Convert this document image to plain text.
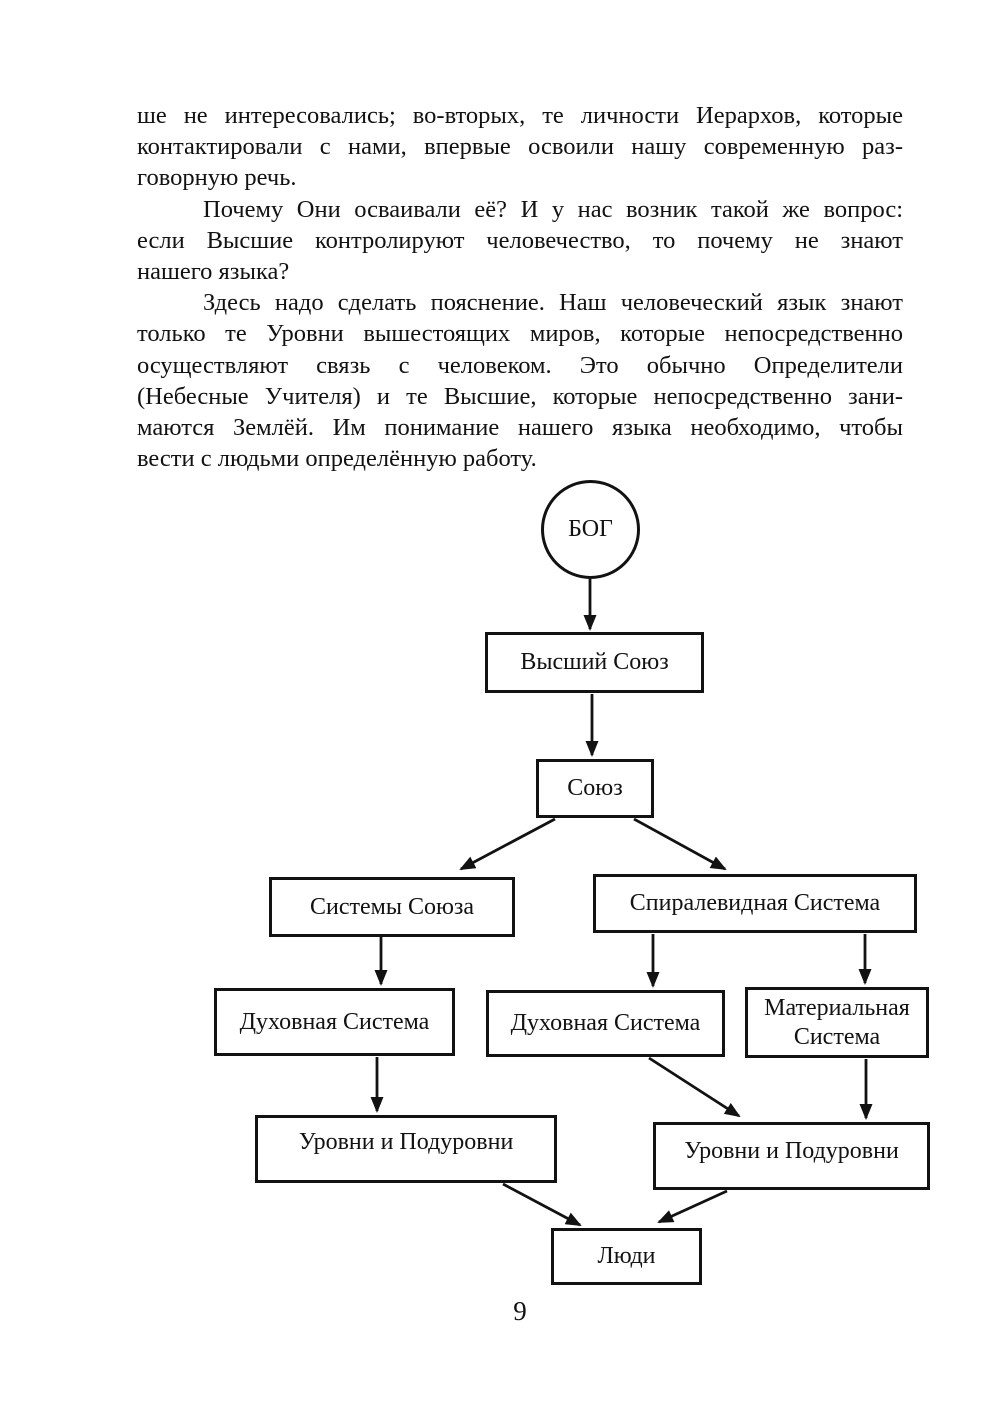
ше не интересовались; во-вторых, те личности Иерархов, которые
контактировали с нами, впервые освоили нашу современную раз-
говорную речь.
Почему Они осваивали её? И у нас возник такой же вопрос:
если Высшие контролируют человечество, то почему не знают
нашего языка?
Здесь надо сделать пояснение. Наш человеческий язык знают
только те Уровни вышестоящих миров, которые непосредственно
осуществляют связь с человеком. Это обычно Определители
(Небесные Учителя) и те Высшие, которые непосредственно зани-
маются Землёй. Им понимание нашего языка необходимо, чтобы
вести с людьми определённую работу.
БОГ
Высший Союз
Союз
Системы Союза	Спиралевидная Система
Духовная Система	Духовная Система
Материальная Система
Уровни и Подуровни	Уровни и Подуровни
Люди
9
